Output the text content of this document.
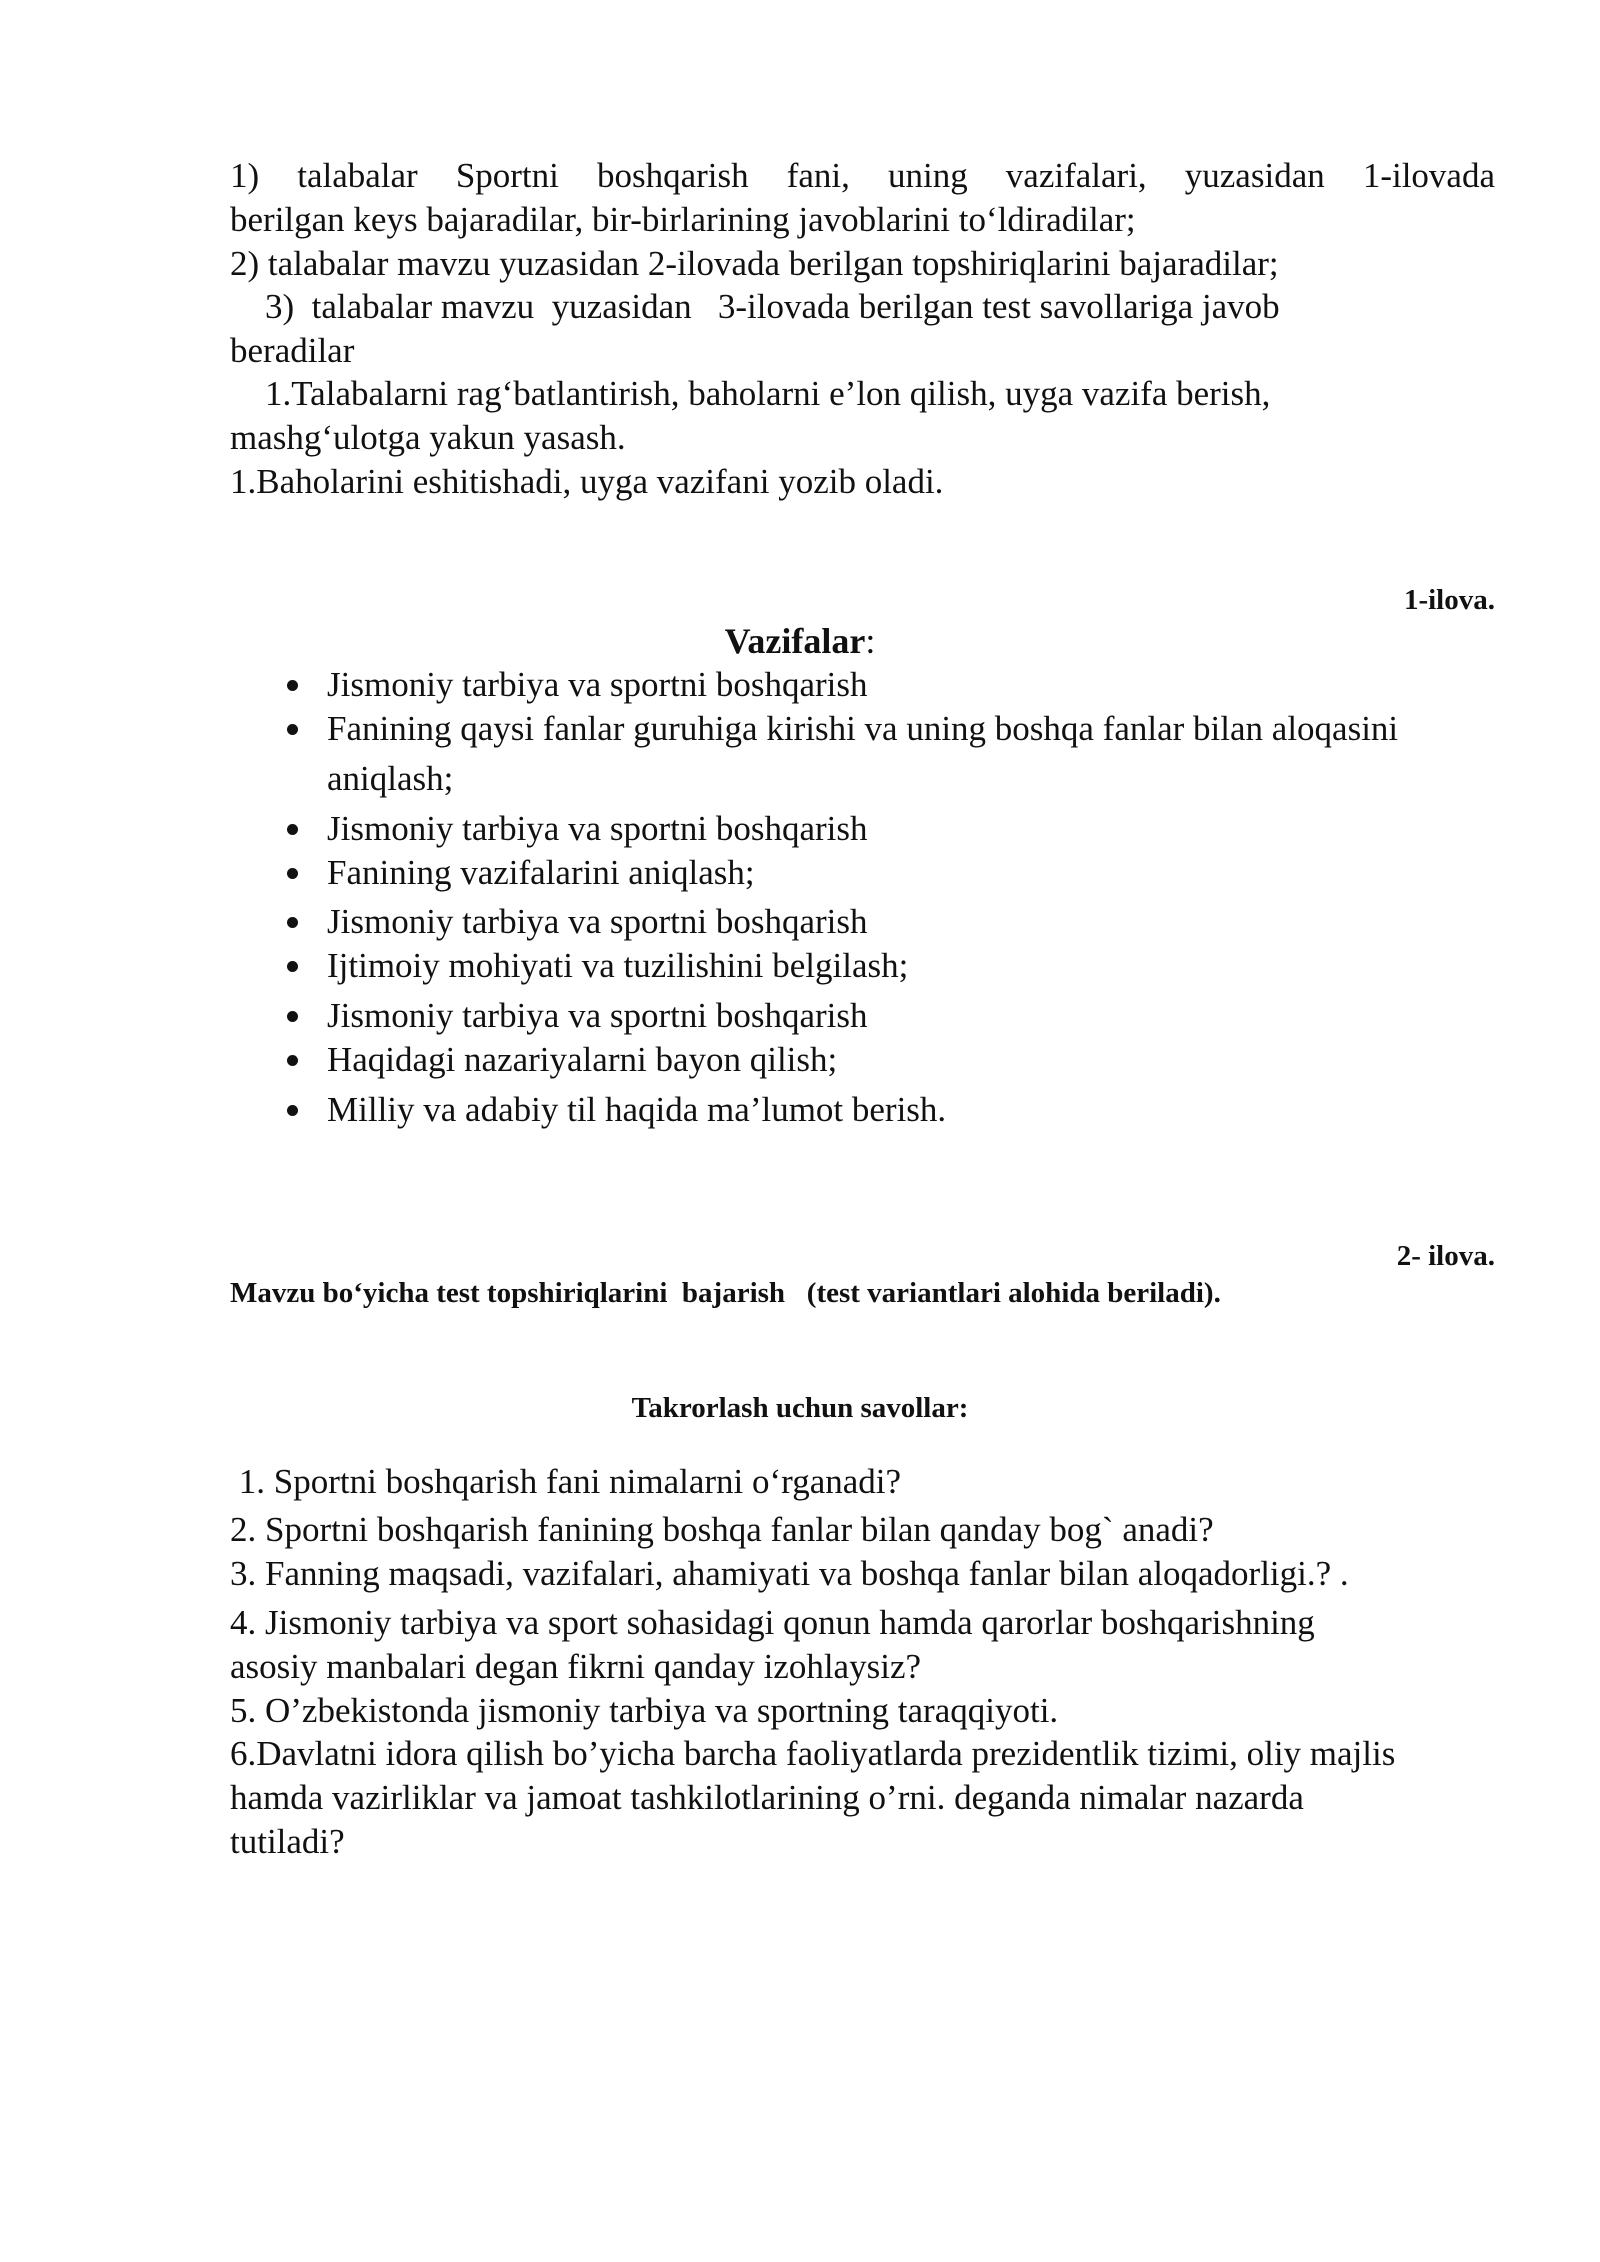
1) talabalar Sportni boshqarish fani, uning vazifalari, yuzasidan 1-ilovada

berilgan keys bajaradilar, bir-birlarining javoblarini to‘ldiradilar;

2) talabalar mavzu yuzasidan 2-ilovada berilgan topshiriqlarini bajaradilar;

3)  talabalar mavzu  yuzasidan   3-ilovada berilgan test savollariga javob

beradilar

1.Talabalarni rag‘batlantirish, baholarni e’lon qilish, uygа vazifa berish,

mashg‘ulotga yakun yasash.

1.Baholarini eshitishadi, uygа vazifani yozib oladi.

1-ilova.

Vazifalar:

Jismoniy tarbiya va sportni boshqarish
Fanining qaysi fanlar guruhiga kirishi va uning boshqa fanlar bilan aloqasini
aniqlash;
Jismoniy tarbiya va sportni boshqarish
Fanining vazifalarini aniqlash;
Jismoniy tarbiya va sportni boshqarish
Ijtimoiy mohiyati va tuzilishini belgilash;
Jismoniy tarbiya va sportni boshqarish
Haqidagi nazariyalarni bayon qilish;
Milliy va adabiy til haqida ma’lumot berish.

2- ilova.

Mavzu bo‘yicha test topshiriqlarini  bajarish   (test variantlari alohida beriladi).

Takrorlash uchun savollar:

1. Sportni boshqarish fani nimalarni o‘rganadi?

2. Sportni boshqarish fanining boshqa fanlar bilan qanday bog` anadi?

3. Fanning maqsadi, vazifalari, ahamiyati va boshqa fanlar bilan aloqadorligi.? .

4. Jismoniy tarbiya va sport sohasidagi qonun hamda qarorlar boshqarishning

asosiy manbalari degan fikrni qanday izohlaysiz?

5. O’zbekistonda jismoniy tarbiya va sportning taraqqiyoti.

6.Davlatni idora qilish bo’yicha barcha faoliyatlarda prezidentlik tizimi, oliy majlis

hamda vazirliklar va jamoat tashkilotlarining o’rni. deganda nimalar nazarda

tutiladi?
